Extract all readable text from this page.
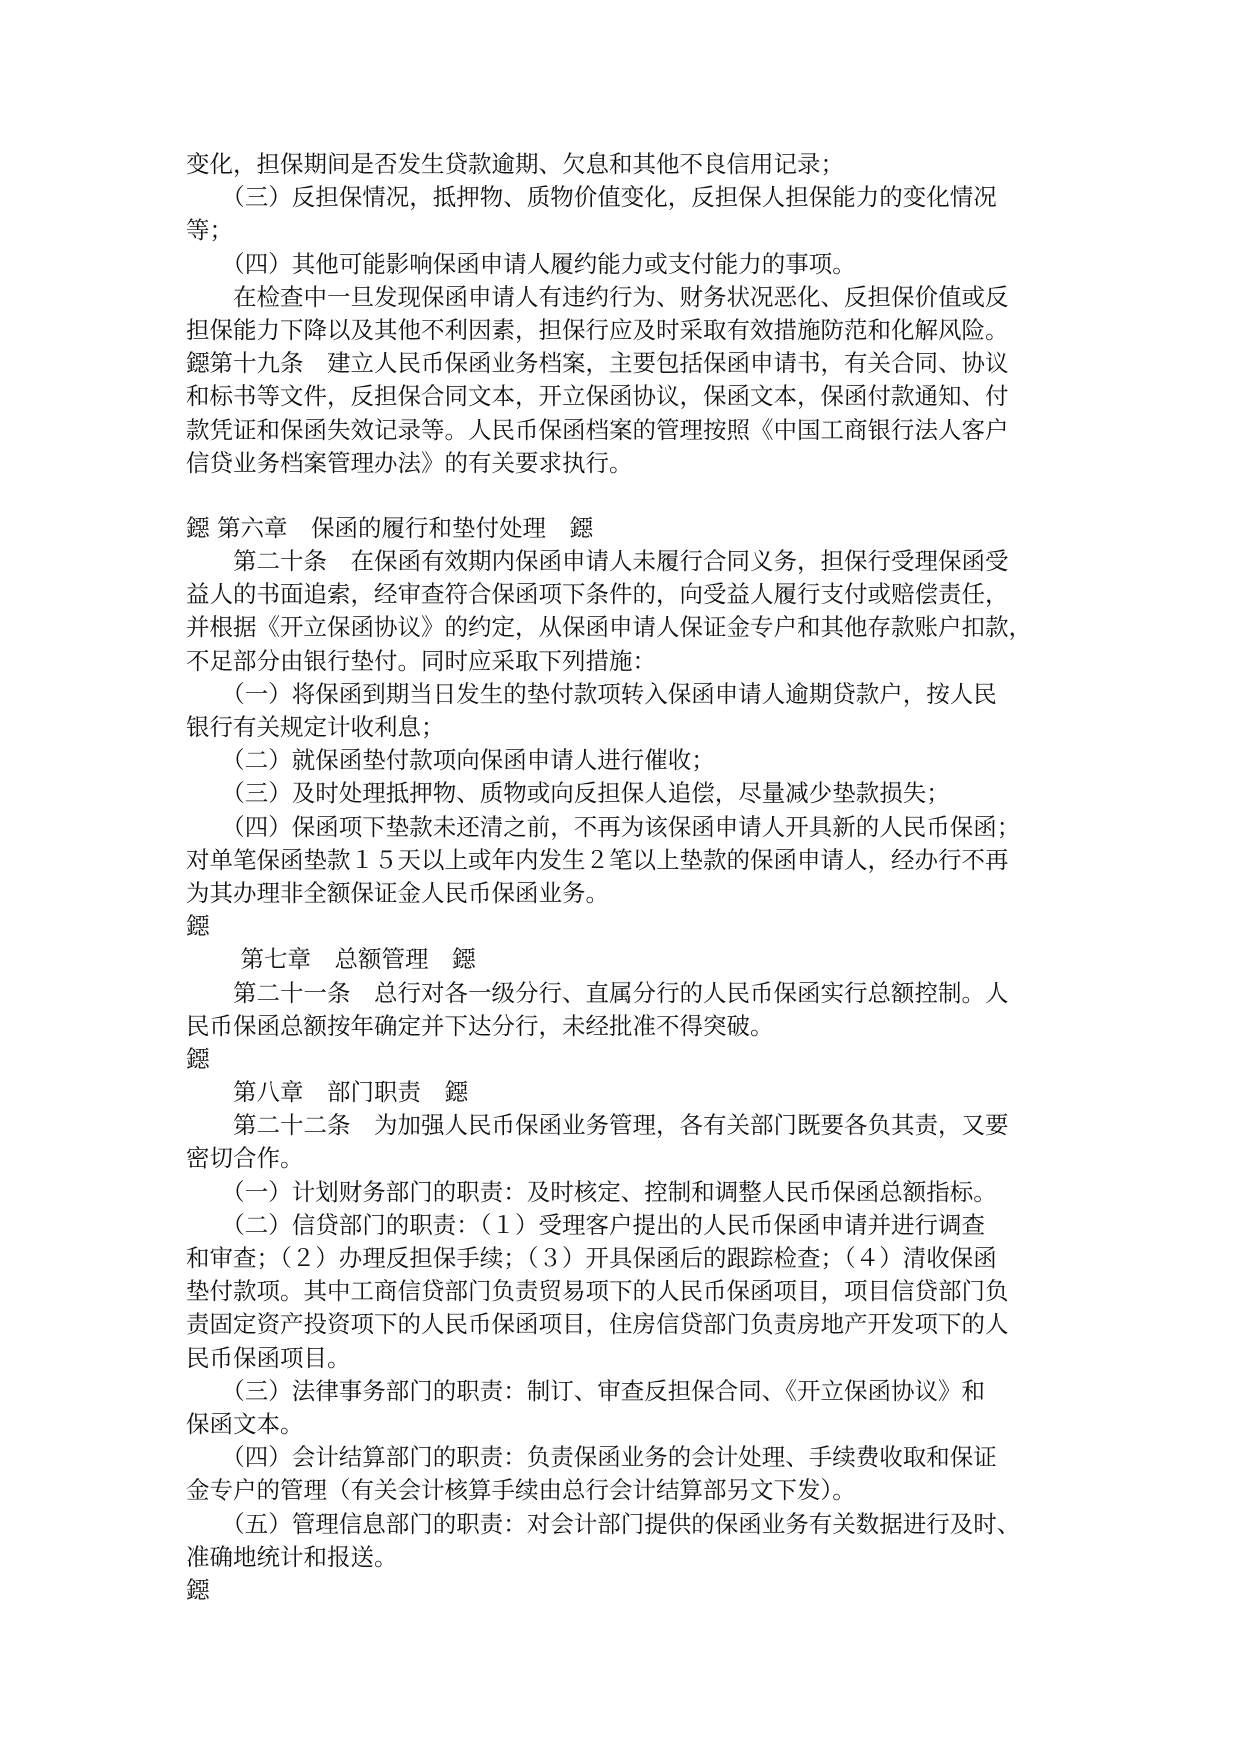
变化，担保期间是否发生贷款逾期、欠息和其他不良信用记录；
　　（三）反担保情况，抵押物、质物价值变化，反担保人担保能力的变化情况
等；
　　（四）其他可能影响保函申请人履约能力或支付能力的事项。
　　在检查中一旦发现保函申请人有违约行为、财务状况恶化、反担保价值或反
担保能力下降以及其他不利因素，担保行应及时采取有效措施防范和化解风险。
鐚第十九条　建立人民币保函业务档案，主要包括保函申请书，有关合同、协议
和标书等文件，反担保合同文本，开立保函协议，保函文本，保函付款通知、付
款凭证和保函失效记录等。人民币保函档案的管理按照《中国工商银行法人客户
信贷业务档案管理办法》的有关要求执行。
鐚 第六章　保函的履行和垫付处理　鐚
　　第二十条　在保函有效期内保函申请人未履行合同义务，担保行受理保函受
益人的书面追索，经审查符合保函项下条件的，向受益人履行支付或赔偿责任，
并根据《开立保函协议》的约定，从保函申请人保证金专户和其他存款账户扣款，
不足部分由银行垫付。同时应采取下列措施：
　　（一）将保函到期当日发生的垫付款项转入保函申请人逾期贷款户，按人民
银行有关规定计收利息；
　　（二）就保函垫付款项向保函申请人进行催收；
　　（三）及时处理抵押物、质物或向反担保人追偿，尽量减少垫款损失；
　　（四）保函项下垫款未还清之前，不再为该保函申请人开具新的人民币保函；
对单笔保函垫款１５天以上或年内发生２笔以上垫款的保函申请人，经办行不再
为其办理非全额保证金人民币保函业务。
鐚
　　 第七章　总额管理　鐚
　　第二十一条　总行对各一级分行、直属分行的人民币保函实行总额控制。人
民币保函总额按年确定并下达分行，未经批准不得突破。
鐚
　　第八章　部门职责　鐚
　　第二十二条　为加强人民币保函业务管理，各有关部门既要各负其责，又要
密切合作。
　　（一）计划财务部门的职责：及时核定、控制和调整人民币保函总额指标。
　　（二）信贷部门的职责：（１）受理客户提出的人民币保函申请并进行调查
和审查；（２）办理反担保手续；（３）开具保函后的跟踪检查；（４）清收保函
垫付款项。其中工商信贷部门负责贸易项下的人民币保函项目，项目信贷部门负
责固定资产投资项下的人民币保函项目，住房信贷部门负责房地产开发项下的人
民币保函项目。
　　（三）法律事务部门的职责：制订、审查反担保合同、《开立保函协议》和
保函文本。
　　（四）会计结算部门的职责：负责保函业务的会计处理、手续费收取和保证
金专户的管理（有关会计核算手续由总行会计结算部另文下发）。
　　（五）管理信息部门的职责：对会计部门提供的保函业务有关数据进行及时、
准确地统计和报送。
鐚
